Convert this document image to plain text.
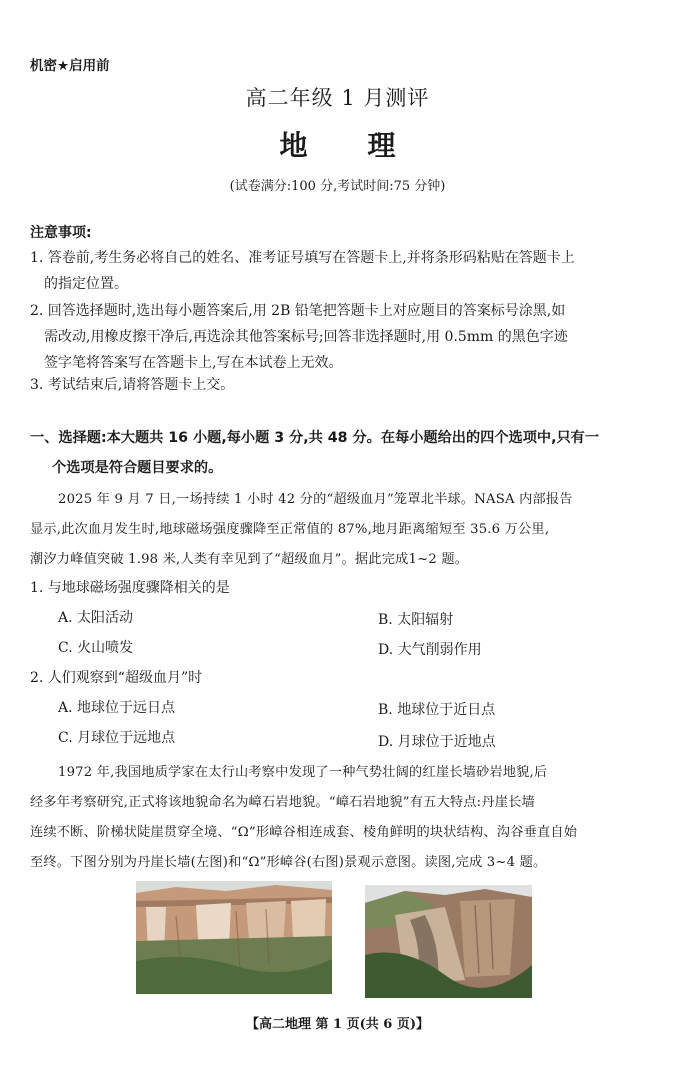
机密★启用前
高二年级 1 月测评
地 理
(试卷满分:100 分,考试时间:75 分钟)
注意事项:
1. 答卷前,考生务必将自己的姓名、准考证号填写在答题卡上,并将条形码粘贴在答题卡上
的指定位置。
2. 回答选择题时,选出每小题答案后,用 2B 铅笔把答题卡上对应题目的答案标号涂黑,如
需改动,用橡皮擦干净后,再选涂其他答案标号;回答非选择题时,用 0.5mm 的黑色字迹
签字笔将答案写在答题卡上,写在本试卷上无效。
3. 考试结束后,请将答题卡上交。
一、选择题:本大题共 16 小题,每小题 3 分,共 48 分。在每小题给出的四个选项中,只有一
个选项是符合题目要求的。
2025 年 9 月 7 日,一场持续 1 小时 42 分的“超级血月”笼罩北半球。NASA 内部报告
显示,此次血月发生时,地球磁场强度骤降至正常值的 87%,地月距离缩短至 35.6 万公里,
潮汐力峰值突破 1.98 米,人类有幸见到了“超级血月”。据此完成1~2 题。
1. 与地球磁场强度骤降相关的是
A. 太阳活动	B. 太阳辐射
C. 火山喷发	D. 大气削弱作用
2. 人们观察到“超级血月”时
A. 地球位于远日点	B. 地球位于近日点
C. 月球位于远地点	D. 月球位于近地点
1972 年,我国地质学家在太行山考察中发现了一种气势壮阔的红崖长墙砂岩地貌,后
经多年考察研究,正式将该地貌命名为嶂石岩地貌。“嶂石岩地貌”有五大特点:丹崖长墙
连续不断、阶梯状陡崖贯穿全境、“Ω”形嶂谷相连成套、棱角鲜明的块状结构、沟谷垂直自始
至终。下图分别为丹崖长墙(左图)和“Ω”形嶂谷(右图)景观示意图。读图,完成 3~4 题。
【高二地理 第 1 页(共 6 页)】
